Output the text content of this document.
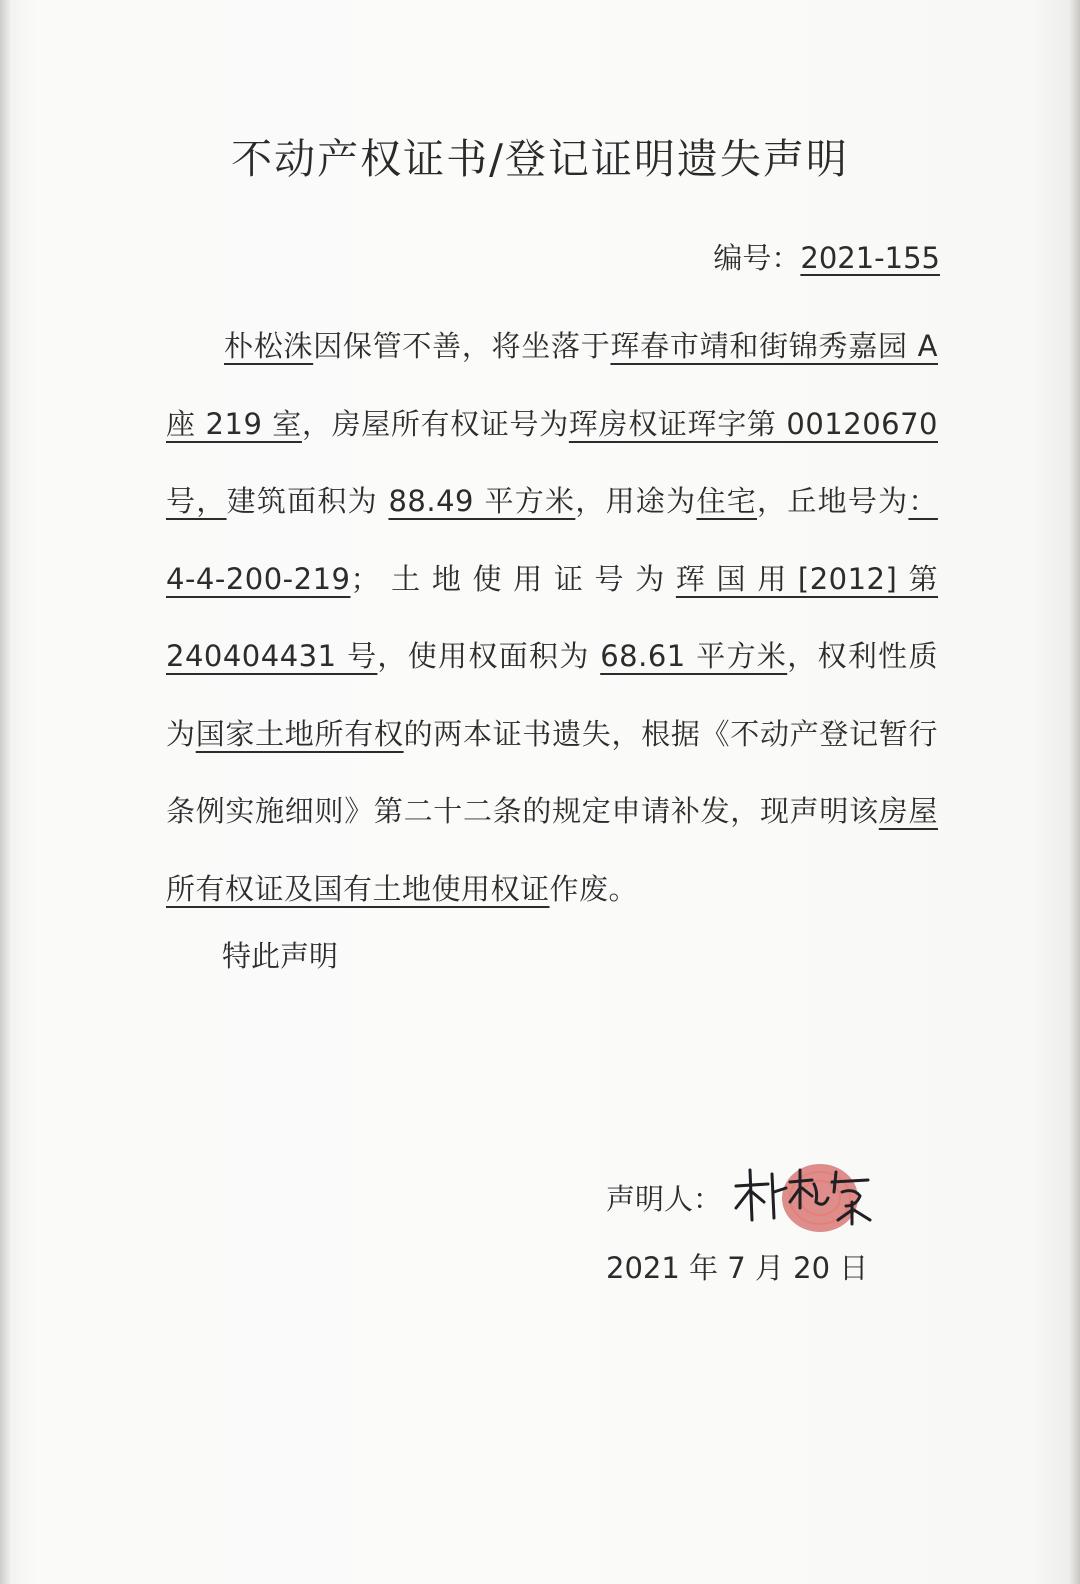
不动产权证书/登记证明遗失声明
编号：2021-155

朴松洙因保管不善，将坐落于珲春市靖和街锦秀嘉园 A座 219 室，房屋所有权证号为珲房权证珲字第 00120670 号，建筑面积为 88.49 平方米，用途为住宅，丘地号为：4-4-200-219；土地使用证号为珲国用[2012]第 240404431 号，使用权面积为 68.61 平方米，权利性质为国家土地所有权的两本证书遗失，根据《不动产登记暂行条例实施细则》第二十二条的规定申请补发，现声明该房屋所有权证及国有土地使用权证作废。

特此声明
声明人：
2021 年 7 月 20 日
